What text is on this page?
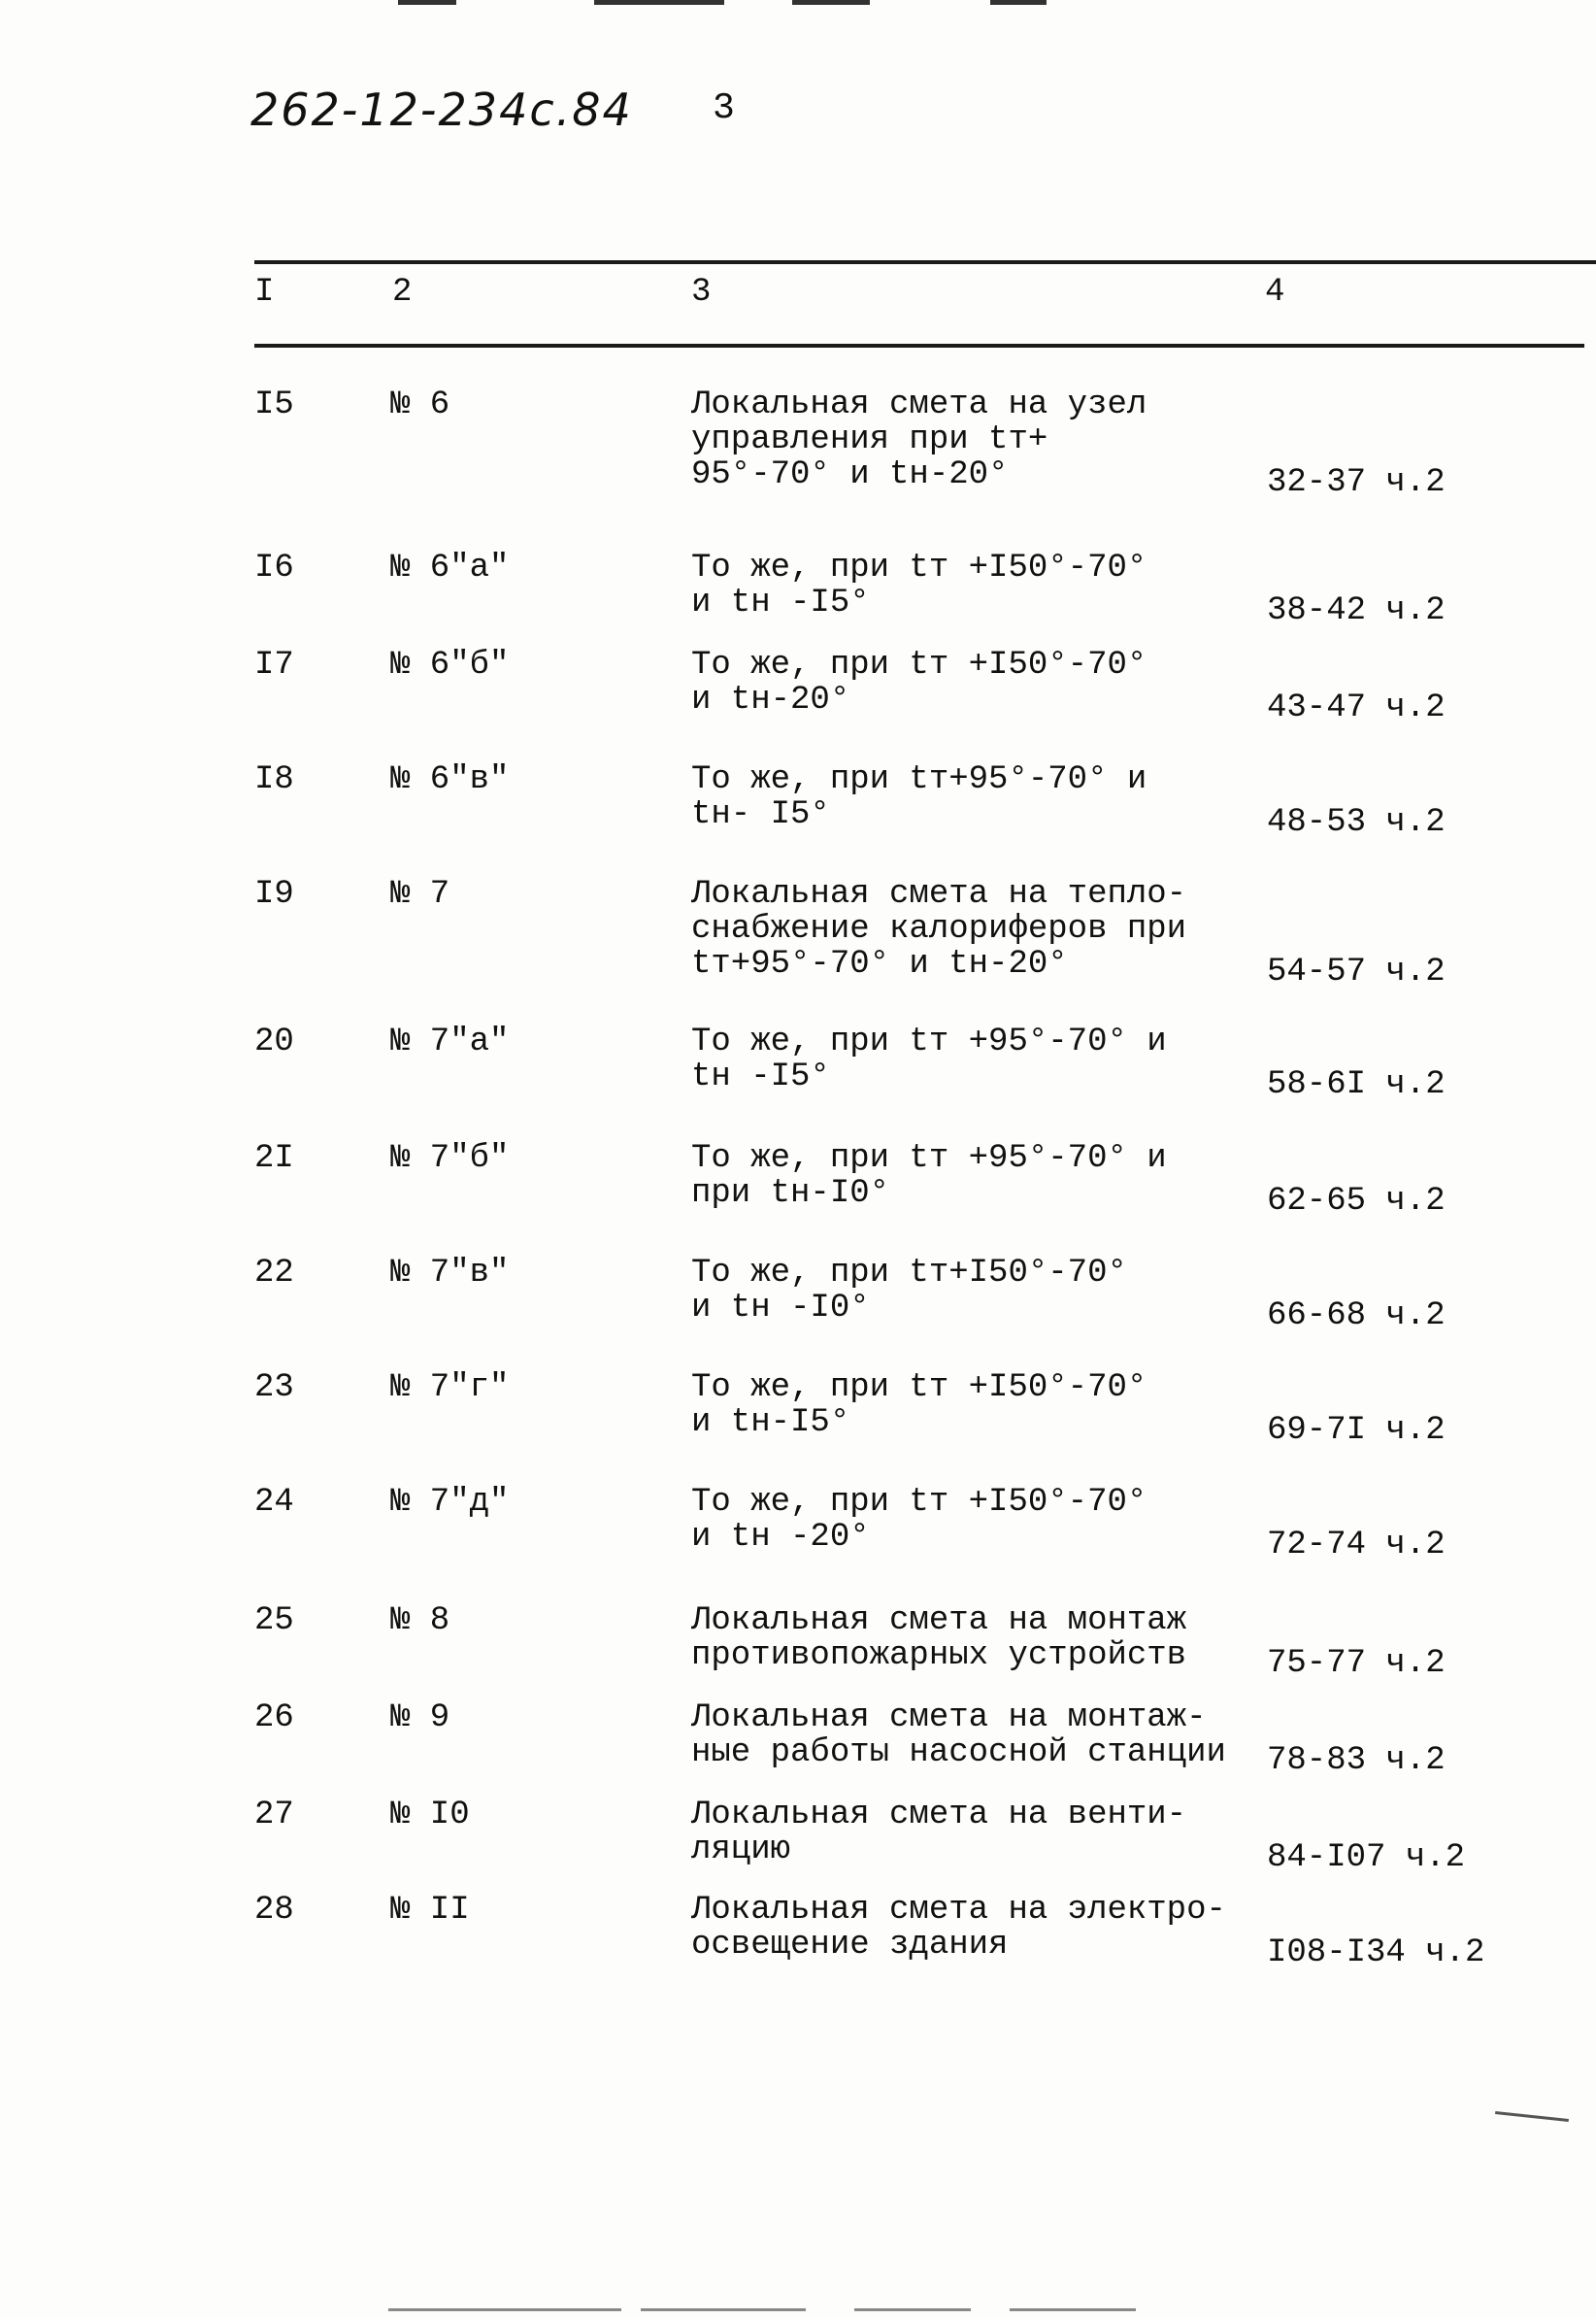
262-12-234c.84 3
I	2	3	4
I5	№ 6	Локальная смета на узел
управления при tт+
95°-70° и tн-20°	32-37 ч.2
I6	№ 6"а"	То же, при tт +I50°-70°
и tн -I5°	38-42 ч.2
I7	№ 6"б"	То же, при tт +I50°-70°
и tн-20°	43-47 ч.2
I8	№ 6"в"	То же, при tт+95°-70° и
tн- I5°	48-53 ч.2
I9	№ 7	Локальная смета на тепло-
снабжение калориферов при
tт+95°-70° и tн-20°	54-57 ч.2
20	№ 7"а"	То же, при tт +95°-70° и
tн -I5°	58-6I ч.2
2I	№ 7"б"	То же, при tт +95°-70° и
при tн-I0°	62-65 ч.2
22	№ 7"в"	То же, при tт+I50°-70°
и tн -I0°	66-68 ч.2
23	№ 7"г"	То же, при tт +I50°-70°
и tн-I5°	69-7I ч.2
24	№ 7"д"	То же, при tт +I50°-70°
и tн -20°	72-74 ч.2
25	№ 8	Локальная смета на монтаж
противопожарных устройств	75-77 ч.2
26	№ 9	Локальная смета на монтаж-
ные работы насосной станции	78-83 ч.2
27	№ I0	Локальная смета на венти-
ляцию	84-I07 ч.2
28	№ II	Локальная смета на электро-
освещение здания	I08-I34 ч.2
